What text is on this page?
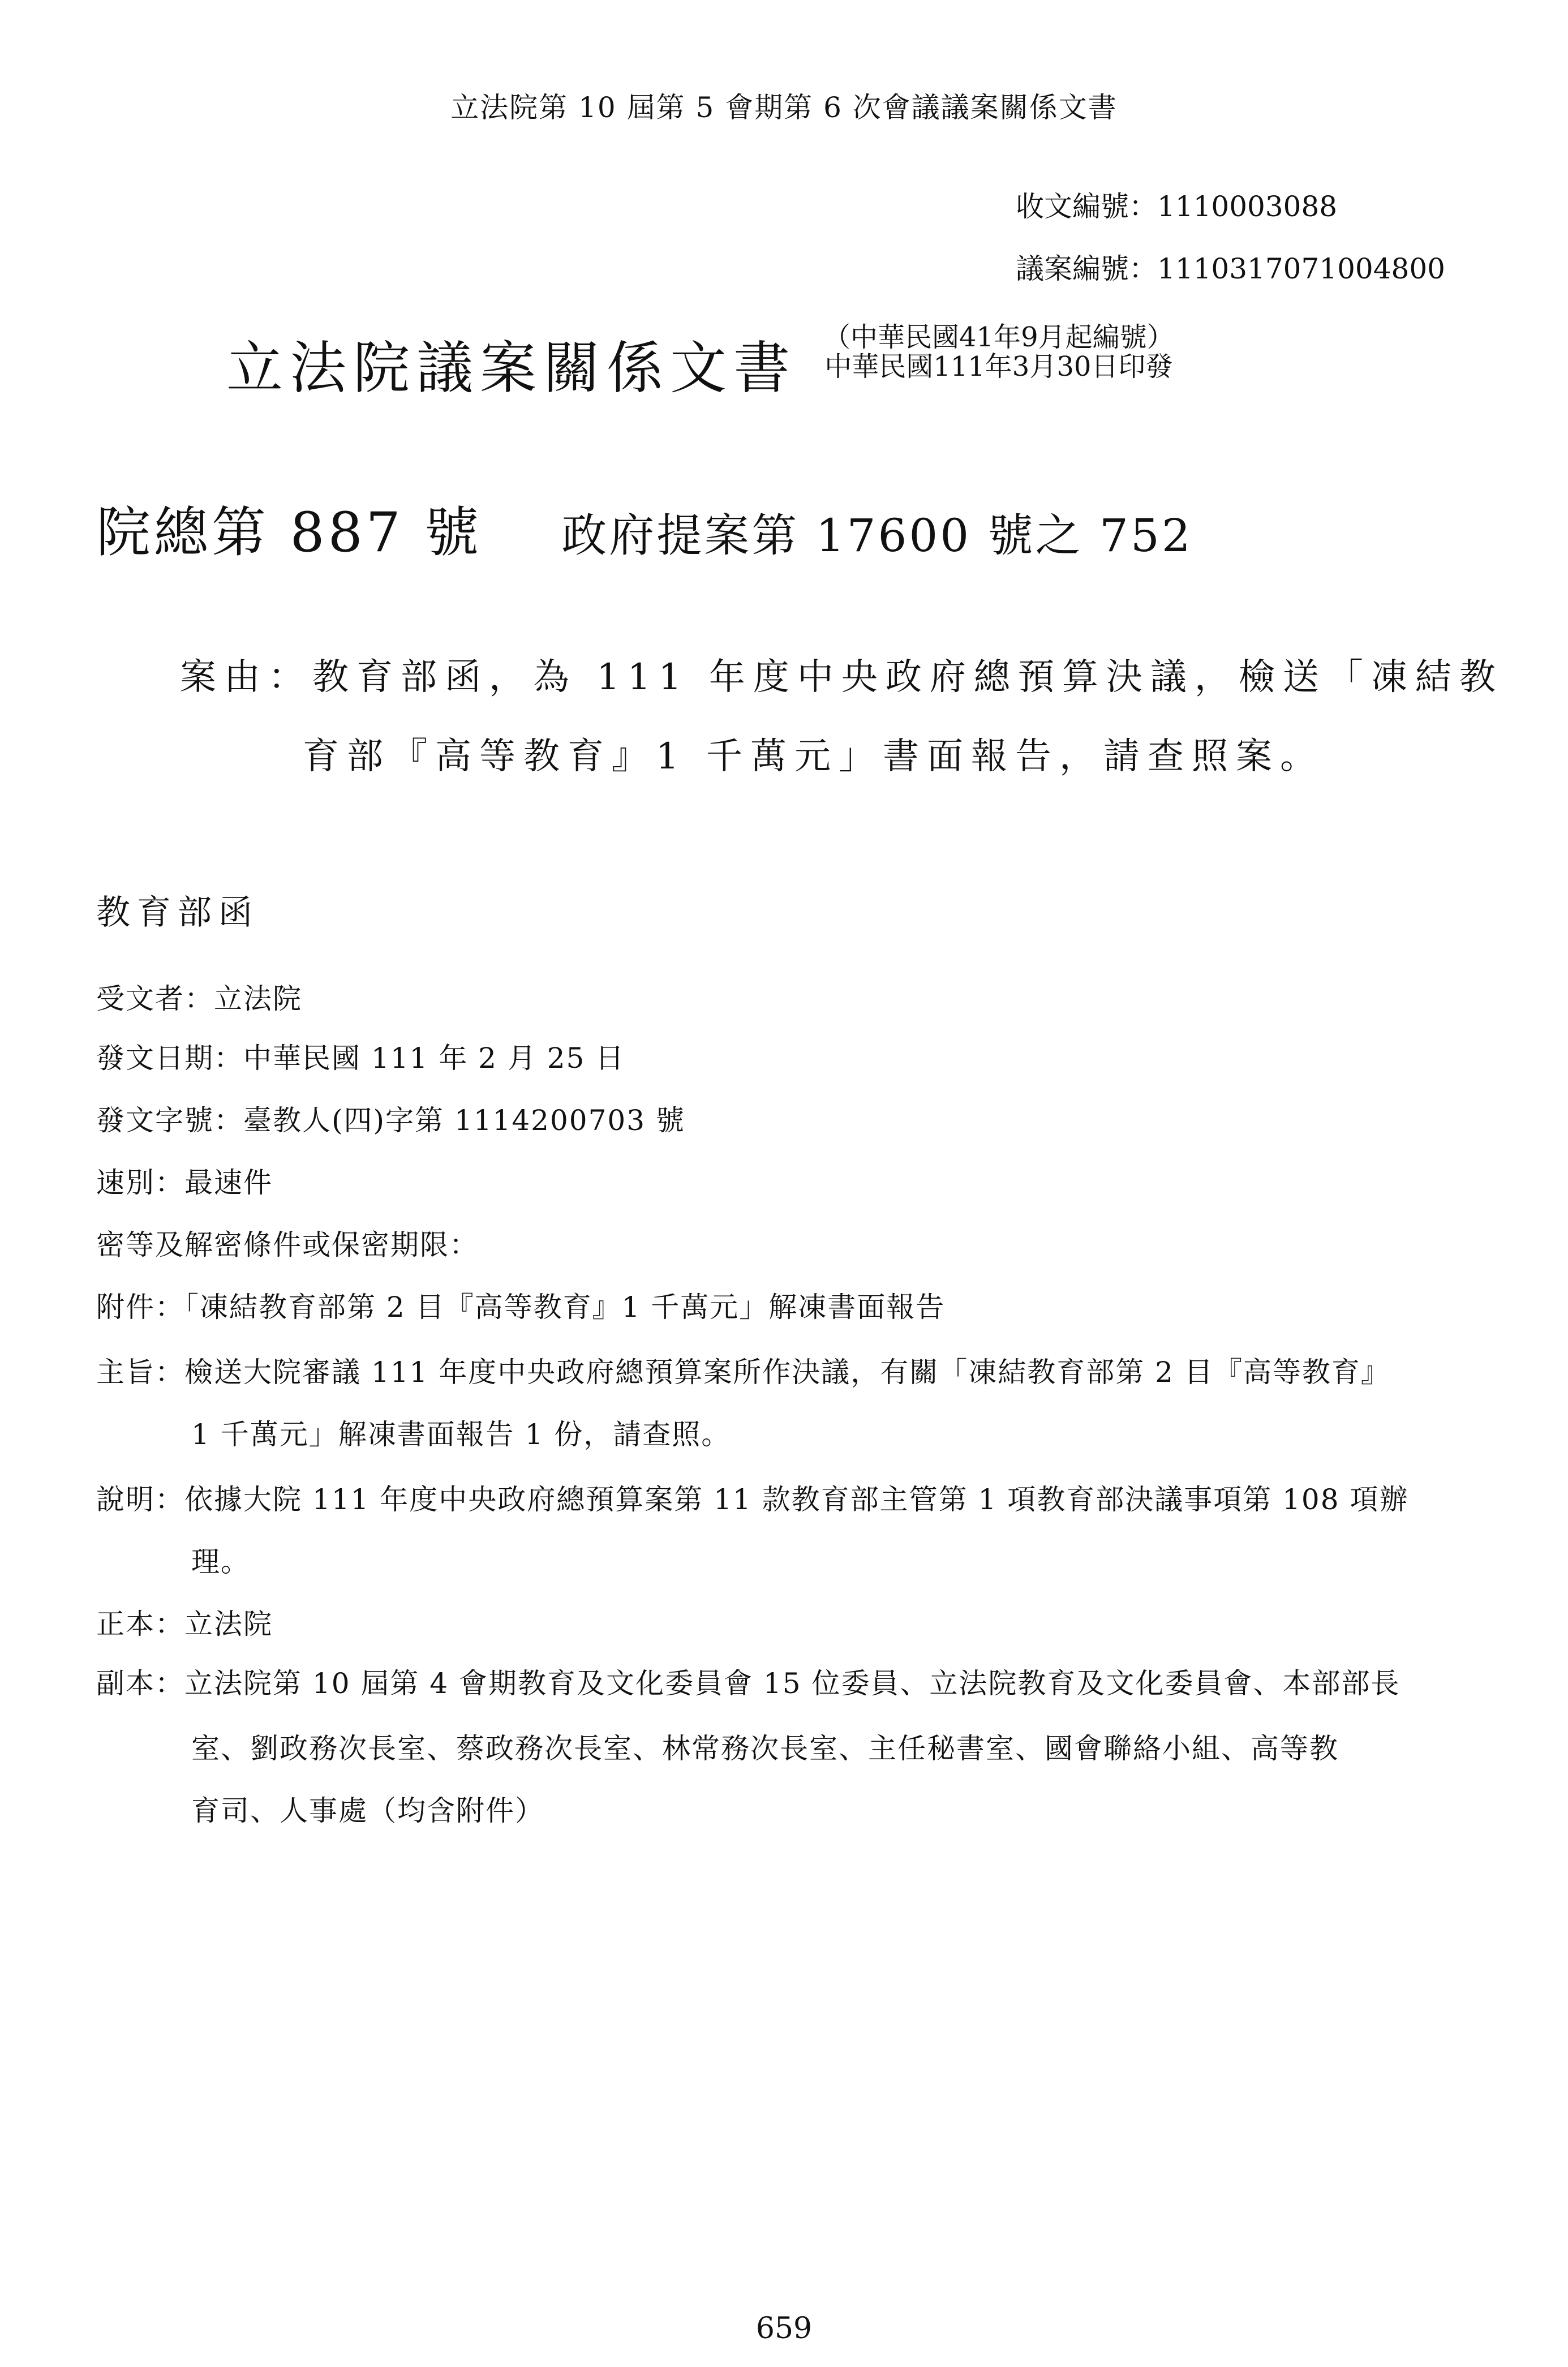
立法院第 10 屆第 5 會期第 6 次會議議案關係文書
收文編號：1110003088
議案編號：1110317071004800
立法院議案關係文書 （中華民國41年9月起編號）
中華民國111年3月30日印發
院總第 887 號 政府提案第 17600 號之 752
案由：教育部函，為 111 年度中央政府總預算決議，檢送「凍結教
育部『高等教育』1 千萬元」書面報告，請查照案。
教育部函
受文者：立法院
發文日期：中華民國 111 年 2 月 25 日
發文字號：臺教人(四)字第 1114200703 號
速別：最速件
密等及解密條件或保密期限：
附件：「凍結教育部第 2 目『高等教育』1 千萬元」解凍書面報告
主旨：檢送大院審議 111 年度中央政府總預算案所作決議，有關「凍結教育部第 2 目『高等教育』
1 千萬元」解凍書面報告 1 份，請查照。
說明：依據大院 111 年度中央政府總預算案第 11 款教育部主管第 1 項教育部決議事項第 108 項辦
理。
正本：立法院
副本：立法院第 10 屆第 4 會期教育及文化委員會 15 位委員、立法院教育及文化委員會、本部部長
室、劉政務次長室、蔡政務次長室、林常務次長室、主任秘書室、國會聯絡小組、高等教
育司、人事處（均含附件）
659
